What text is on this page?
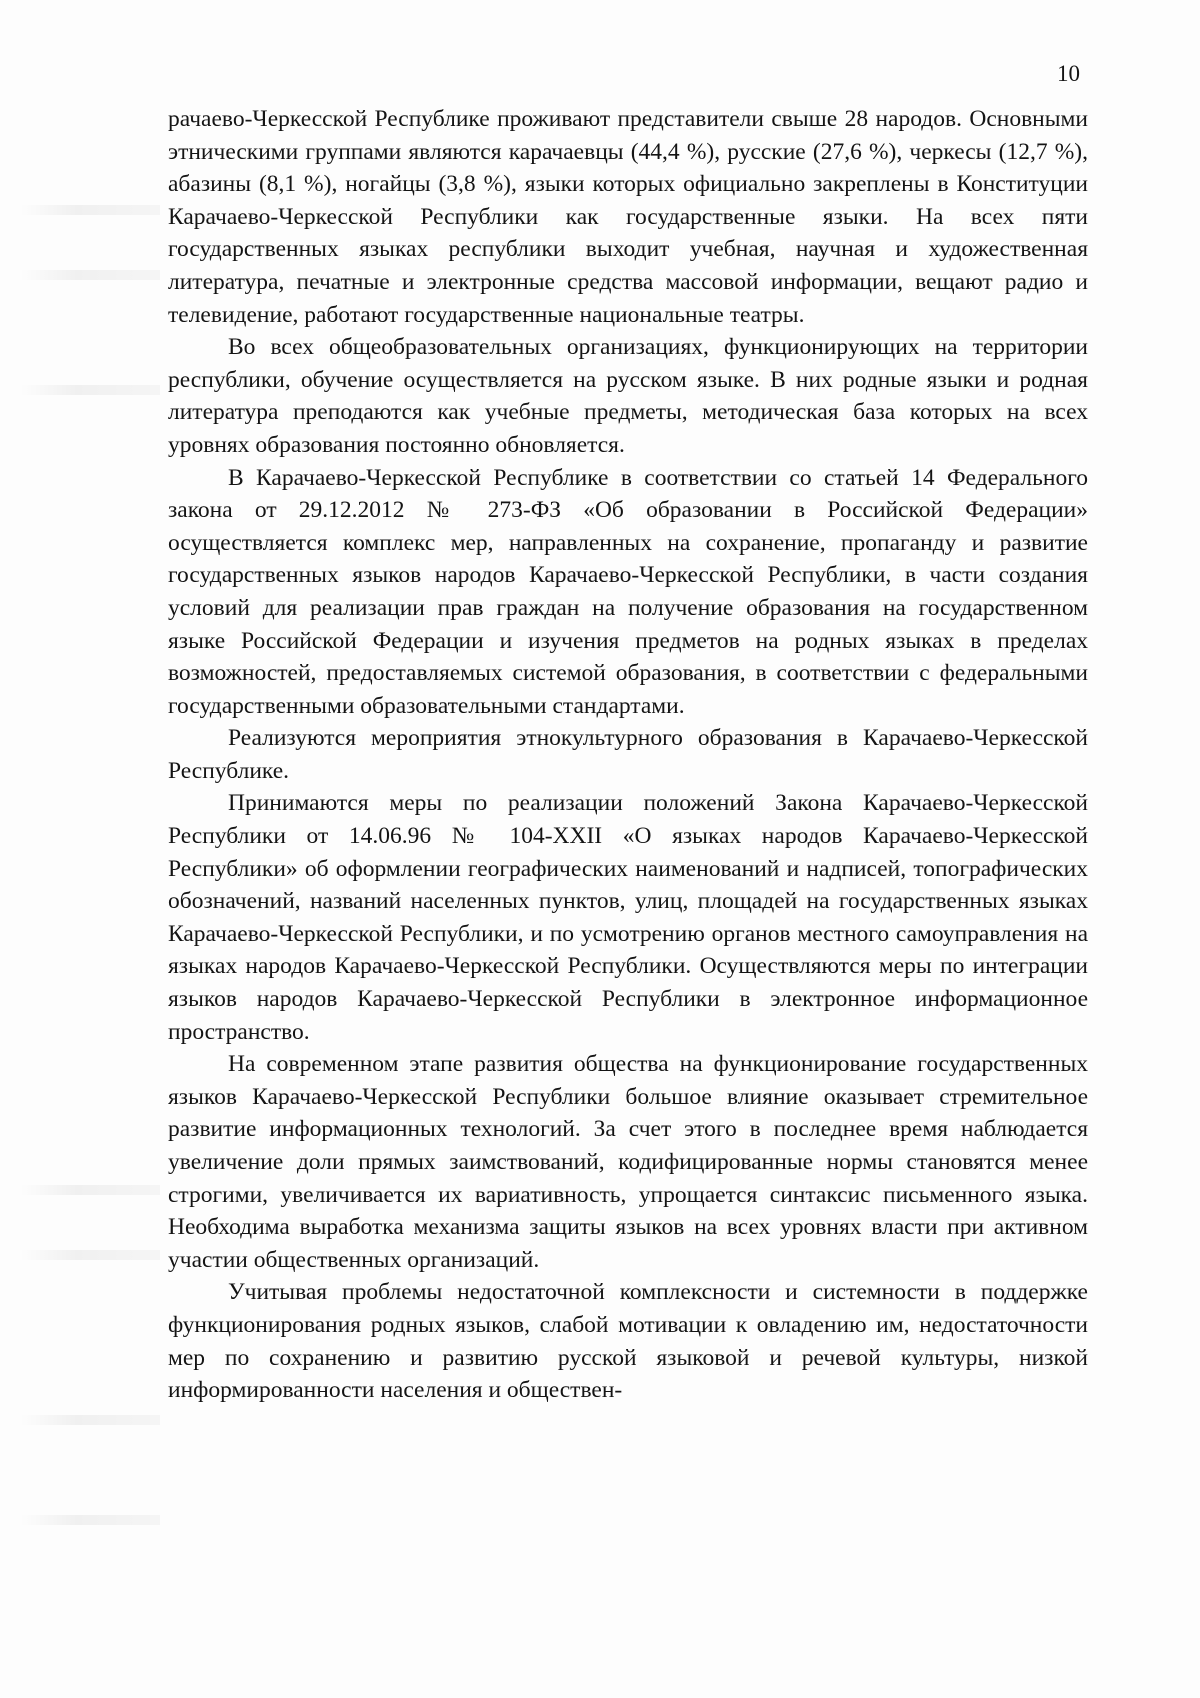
10

рачаево-Черкесской Республике проживают представители свыше 28 народов. Основными этническими группами являются карачаевцы (44,4 %), русские (27,6 %), черкесы (12,7 %), абазины (8,1 %), ногайцы (3,8 %), языки которых официально закреплены в Конституции Карачаево-Черкесской Республики как государственные языки. На всех пяти государственных языках республики выходит учебная, научная и художественная литература, печатные и электронные средства массовой информации, вещают радио и телевидение, работают государственные национальные театры.

Во всех общеобразовательных организациях, функционирующих на территории республики, обучение осуществляется на русском языке. В них родные языки и родная литература преподаются как учебные предметы, методическая база которых на всех уровнях образования постоянно обновляется.

В Карачаево-Черкесской Республике в соответствии со статьей 14 Федерального закона от 29.12.2012 № 273-ФЗ «Об образовании в Российской Федерации» осуществляется комплекс мер, направленных на сохранение, пропаганду и развитие государственных языков народов Карачаево-Черкесской Республики, в части создания условий для реализации прав граждан на получение образования на государственном языке Российской Федерации и изучения предметов на родных языках в пределах возможностей, предоставляемых системой образования, в соответствии с федеральными государственными образовательными стандартами.

Реализуются мероприятия этнокультурного образования в Карачаево-Черкесской Республике.

Принимаются меры по реализации положений Закона Карачаево-Черкесской Республики от 14.06.96 № 104-XXII «О языках народов Карачаево-Черкесской Республики» об оформлении географических наименований и надписей, топографических обозначений, названий населенных пунктов, улиц, площадей на государственных языках Карачаево-Черкесской Республики, и по усмотрению органов местного самоуправления на языках народов Карачаево-Черкесской Республики. Осуществляются меры по интеграции языков народов Карачаево-Черкесской Республики в электронное информационное пространство.

На современном этапе развития общества на функционирование государственных языков Карачаево-Черкесской Республики большое влияние оказывает стремительное развитие информационных технологий. За счет этого в последнее время наблюдается увеличение доли прямых заимствований, кодифицированные нормы становятся менее строгими, увеличивается их вариативность, упрощается синтаксис письменного языка. Необходима выработка механизма защиты языков на всех уровнях власти при активном участии общественных организаций.

Учитывая проблемы недостаточной комплексности и системности в поддержке функционирования родных языков, слабой мотивации к овладению им, недостаточности мер по сохранению и развитию русской языковой и речевой культуры, низкой информированности населения и обществен-
